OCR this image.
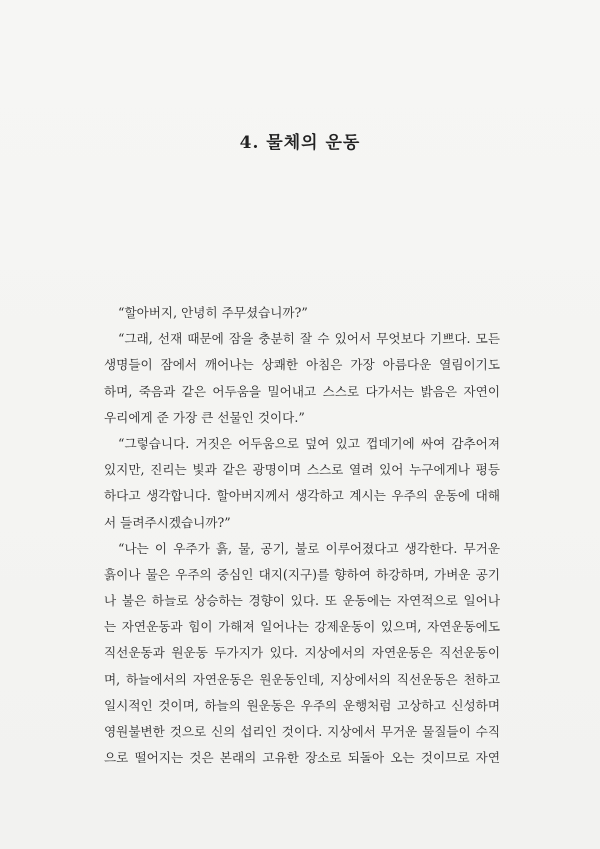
4. 물체의 운동

“할아버지, 안녕히 주무셨습니까?”

“그래, 선재 때문에 잠을 충분히 잘 수 있어서 무엇보다 기쁘다. 모든
생명들이 잠에서 깨어나는 상쾌한 아침은 가장 아름다운 열림이기도
하며, 죽음과 같은 어두움을 밀어내고 스스로 다가서는 밝음은 자연이
우리에게 준 가장 큰 선물인 것이다.”

“그렇습니다. 거짓은 어두움으로 덮여 있고 껍데기에 싸여 감추어져
있지만, 진리는 빛과 같은 광명이며 스스로 열려 있어 누구에게나 평등
하다고 생각합니다. 할아버지께서 생각하고 계시는 우주의 운동에 대해
서 들려주시겠습니까?”

“나는 이 우주가 흙, 물, 공기, 불로 이루어졌다고 생각한다. 무거운
흙이나 물은 우주의 중심인 대지(지구)를 향하여 하강하며, 가벼운 공기
나 불은 하늘로 상승하는 경향이 있다. 또 운동에는 자연적으로 일어나
는 자연운동과 힘이 가해져 일어나는 강제운동이 있으며, 자연운동에도
직선운동과 원운동 두가지가 있다. 지상에서의 자연운동은 직선운동이
며, 하늘에서의 자연운동은 원운동인데, 지상에서의 직선운동은 천하고
일시적인 것이며, 하늘의 원운동은 우주의 운행처럼 고상하고 신성하며
영원불변한 것으로 신의 섭리인 것이다. 지상에서 무거운 물질들이 수직
으로 떨어지는 것은 본래의 고유한 장소로 되돌아 오는 것이므로 자연
